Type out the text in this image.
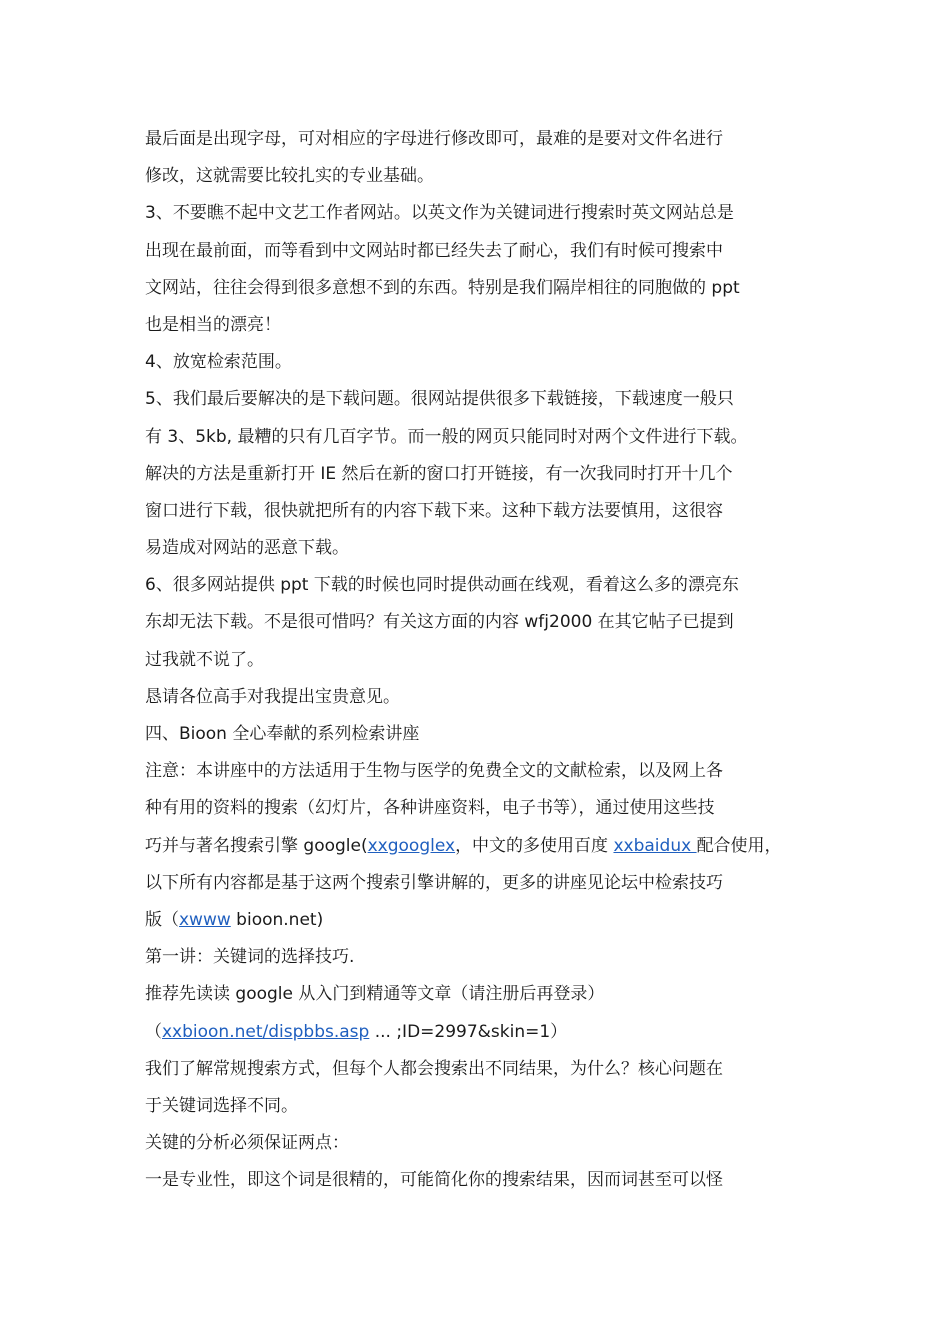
最后面是出现字母，可对相应的字母进行修改即可，最难的是要对文件名进行
修改，这就需要比较扎实的专业基础。
3、不要瞧不起中文艺工作者网站。以英文作为关键词进行搜索时英文网站总是
出现在最前面，而等看到中文网站时都已经失去了耐心，我们有时候可搜索中
文网站，往往会得到很多意想不到的东西。特别是我们隔岸相往的同胞做的 ppt
也是相当的漂亮！
4、放宽检索范围。
5、我们最后要解决的是下载问题。很网站提供很多下载链接，下载速度一般只
有 3、5kb, 最糟的只有几百字节。而一般的网页只能同时对两个文件进行下载。
解决的方法是重新打开 IE 然后在新的窗口打开链接，有一次我同时打开十几个
窗口进行下载，很快就把所有的内容下载下来。这种下载方法要慎用，这很容
易造成对网站的恶意下载。
6、很多网站提供 ppt 下载的时候也同时提供动画在线观，看着这么多的漂亮东
东却无法下载。不是很可惜吗？有关这方面的内容 wfj2000 在其它帖子已提到
过我就不说了。
恳请各位高手对我提出宝贵意见。
四、Bioon 全心奉献的系列检索讲座
注意：本讲座中的方法适用于生物与医学的免费全文的文献检索，以及网上各
种有用的资料的搜索（幻灯片，各种讲座资料，电子书等），通过使用这些技
巧并与著名搜索引擎 google(xxgooglex，中文的多使用百度 xxbaidux 配合使用，
以下所有内容都是基于这两个搜索引擎讲解的，更多的讲座见论坛中检索技巧
版（xwww bioon.net)
第一讲：关键词的选择技巧.
推荐先读读 google 从入门到精通等文章（请注册后再登录）
（xxbioon.net/dispbbs.asp ... ;ID=2997&skin=1）
我们了解常规搜索方式，但每个人都会搜索出不同结果，为什么？核心问题在
于关键词选择不同。
关键的分析必须保证两点：
一是专业性，即这个词是很精的，可能简化你的搜索结果，因而词甚至可以怪
